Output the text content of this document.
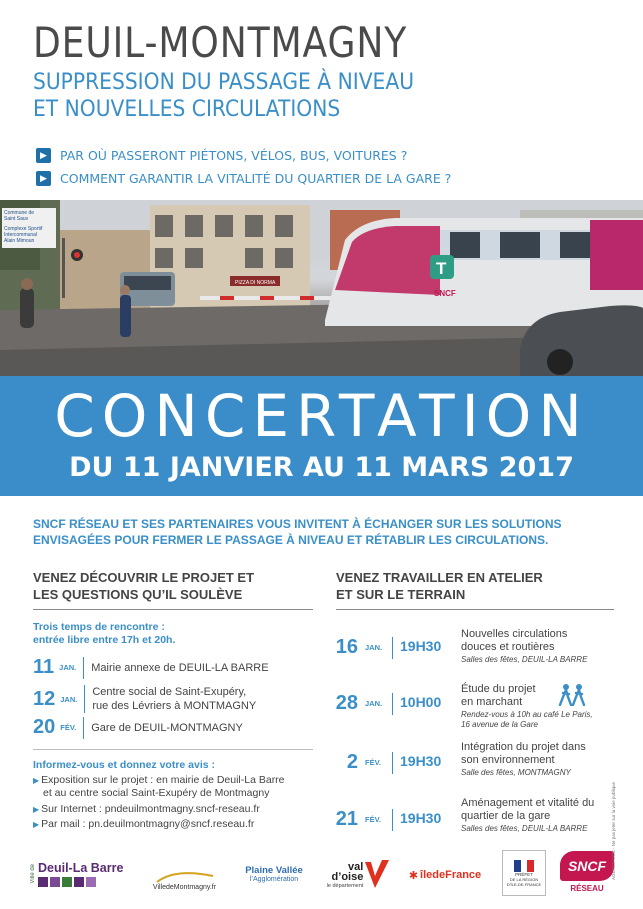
DEUIL-MONTMAGNY
SUPPRESSION DU PASSAGE À NIVEAU
ET NOUVELLES CIRCULATIONS
▶	PAR OÙ PASSERONT PIÉTONS, VÉLOS, BUS, VOITURES ?
▶	COMMENT GARANTIR LA VITALITÉ DU QUARTIER DE LA GARE ?
T
SNCF
Commune de
Saint Sauv
Complexe Sportif
Intercommunal
Alain Mimoun
PIZZA DI NORMA
CONCERTATION
DU 11 JANVIER AU 11 MARS 2017
SNCF RÉSEAU ET SES PARTENAIRES VOUS INVITENT À ÉCHANGER SUR LES SOLUTIONS
ENVISAGÉES POUR FERMER LE PASSAGE À NIVEAU ET RÉTABLIR LES CIRCULATIONS.
VENEZ DÉCOUVRIR LE PROJET ET
LES QUESTIONS QU’IL SOULÈVE
Trois temps de rencontre :
entrée libre entre 17h et 20h.
11 JAN. Mairie annexe de DEUIL-LA BARRE
12 JAN.
Centre social de Saint-Exupéry,
rue des Lévriers à MONTMAGNY
20 FÉV. Gare de DEUIL-MONTMAGNY
Informez-vous et donnez votre avis :
▶ Exposition sur le projet : en mairie de Deuil-La Barre
et au centre social Saint-Exupéry de Montmagny
▶ Sur Internet : pndeuilmontmagny.sncf-reseau.fr
▶ Par mail : pn.deuilmontmagny@sncf.reseau.fr
VENEZ TRAVAILLER EN ATELIER
ET SUR LE TERRAIN
16 JAN. 19H30
Nouvelles circulations
douces et routières
Salles des fêtes, DEUIL-LA BARRE
28 JAN. 10H00
Étude du projet
en marchant
Rendez-vous à 10h au café Le Paris,
16 avenue de la Gare
2 FÉV. 19H30
Intégration du projet dans
son environnement
Salle des fêtes, MONTMAGNY
21 FÉV. 19H30
Aménagement et vitalité du
quartier de la gare
Salles des fêtes, DEUIL-LA BARRE
Ville de Deuil-La Barre
VilledeMontmagny.fr
Plaine Vallée
l’Agglomération
val
d’oise
le département
✱ îledeFrance	PRÉFET
DE LA RÉGION
D’ÎLE-DE-FRANCE
SNCF
RÉSEAU
AGENCE DDB - Ne pas jeter sur la voie publique
